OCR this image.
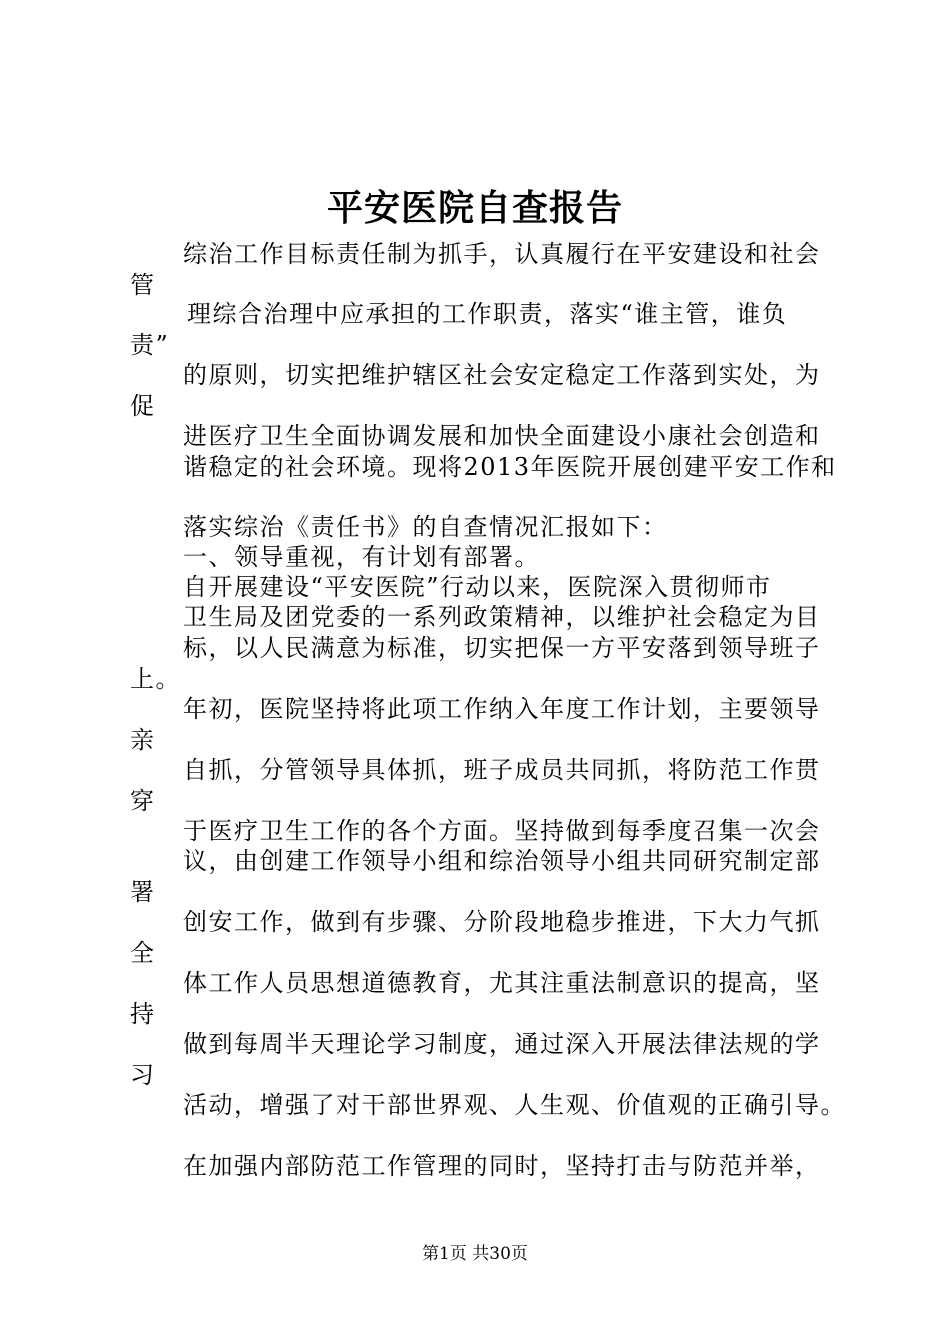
平安医院自查报告
综治工作目标责任制为抓手，认真履行在平安建设和社会
管
理综合治理中应承担的工作职责，落实“谁主管，谁负
责”
的原则，切实把维护辖区社会安定稳定工作落到实处，为
促
进医疗卫生全面协调发展和加快全面建设小康社会创造和
谐稳定的社会环境。现将2013年医院开展创建平安工作和
落实综治《责任书》的自查情况汇报如下：
一、领导重视，有计划有部署。
自开展建设“平安医院”行动以来，医院深入贯彻师市
卫生局及团党委的一系列政策精神，以维护社会稳定为目
标，以人民满意为标准，切实把保一方平安落到领导班子
上。
年初，医院坚持将此项工作纳入年度工作计划，主要领导
亲
自抓，分管领导具体抓，班子成员共同抓，将防范工作贯
穿
于医疗卫生工作的各个方面。坚持做到每季度召集一次会
议，由创建工作领导小组和综治领导小组共同研究制定部
署
创安工作，做到有步骤、分阶段地稳步推进，下大力气抓
全
体工作人员思想道德教育，尤其注重法制意识的提高，坚
持
做到每周半天理论学习制度，通过深入开展法律法规的学
习
活动，增强了对干部世界观、人生观、价值观的正确引导。
在加强内部防范工作管理的同时，坚持打击与防范并举，
第1页 共30页
